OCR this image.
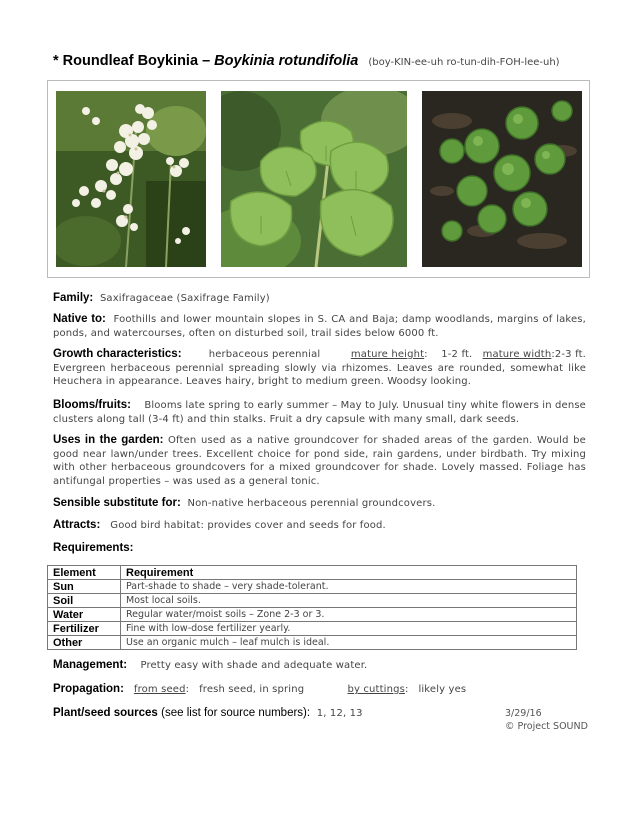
* Roundleaf Boykinia – Boykinia rotundifolia (boy-KIN-ee-uh ro-tun-dih-FOH-lee-uh)
Family: Saxifragaceae (Saxifrage Family)
Native to: Foothills and lower mountain slopes in S. CA and Baja; damp woodlands, margins of lakes, ponds, and watercourses, often on disturbed soil, trail sides below 6000 ft.
Growth characteristics:	herbaceous perennial	mature height:    1-2 ft. mature width:2-3 ft. Evergreen herbaceous perennial spreading slowly via rhizomes. Leaves are rounded, somewhat like Heuchera in appearance. Leaves hairy, bright to medium green. Woodsy looking.
Blooms/fruits: Blooms late spring to early summer – May to July. Unusual tiny white flowers in dense clusters along tall (3-4 ft) and thin stalks. Fruit a dry capsule with many small, dark seeds.
Uses in the garden: Often used as a native groundcover for shaded areas of the garden. Would be good near lawn/under trees. Excellent choice for pond side, rain gardens, under birdbath. Try mixing with other herbaceous groundcovers for a mixed groundcover for shade. Lovely massed. Foliage has antifungal properties – was used as a general tonic.
Sensible substitute for: Non-native herbaceous perennial groundcovers.
Attracts: Good bird habitat: provides cover and seeds for food.
Requirements:
Element	Requirement
Sun	Part-shade to shade – very shade-tolerant.
Soil	Most local soils.
Water	Regular water/moist soils – Zone 2-3 or 3.
Fertilizer	Fine with low-dose fertilizer yearly.
Other	Use an organic mulch – leaf mulch is ideal.
Management: Pretty easy with shade and adequate water.
Propagation: from seed:   fresh seed, in spring	by cuttings:   likely yes
Plant/seed sources (see list for source numbers): 1, 12, 13	3/29/16
© Project SOUND
